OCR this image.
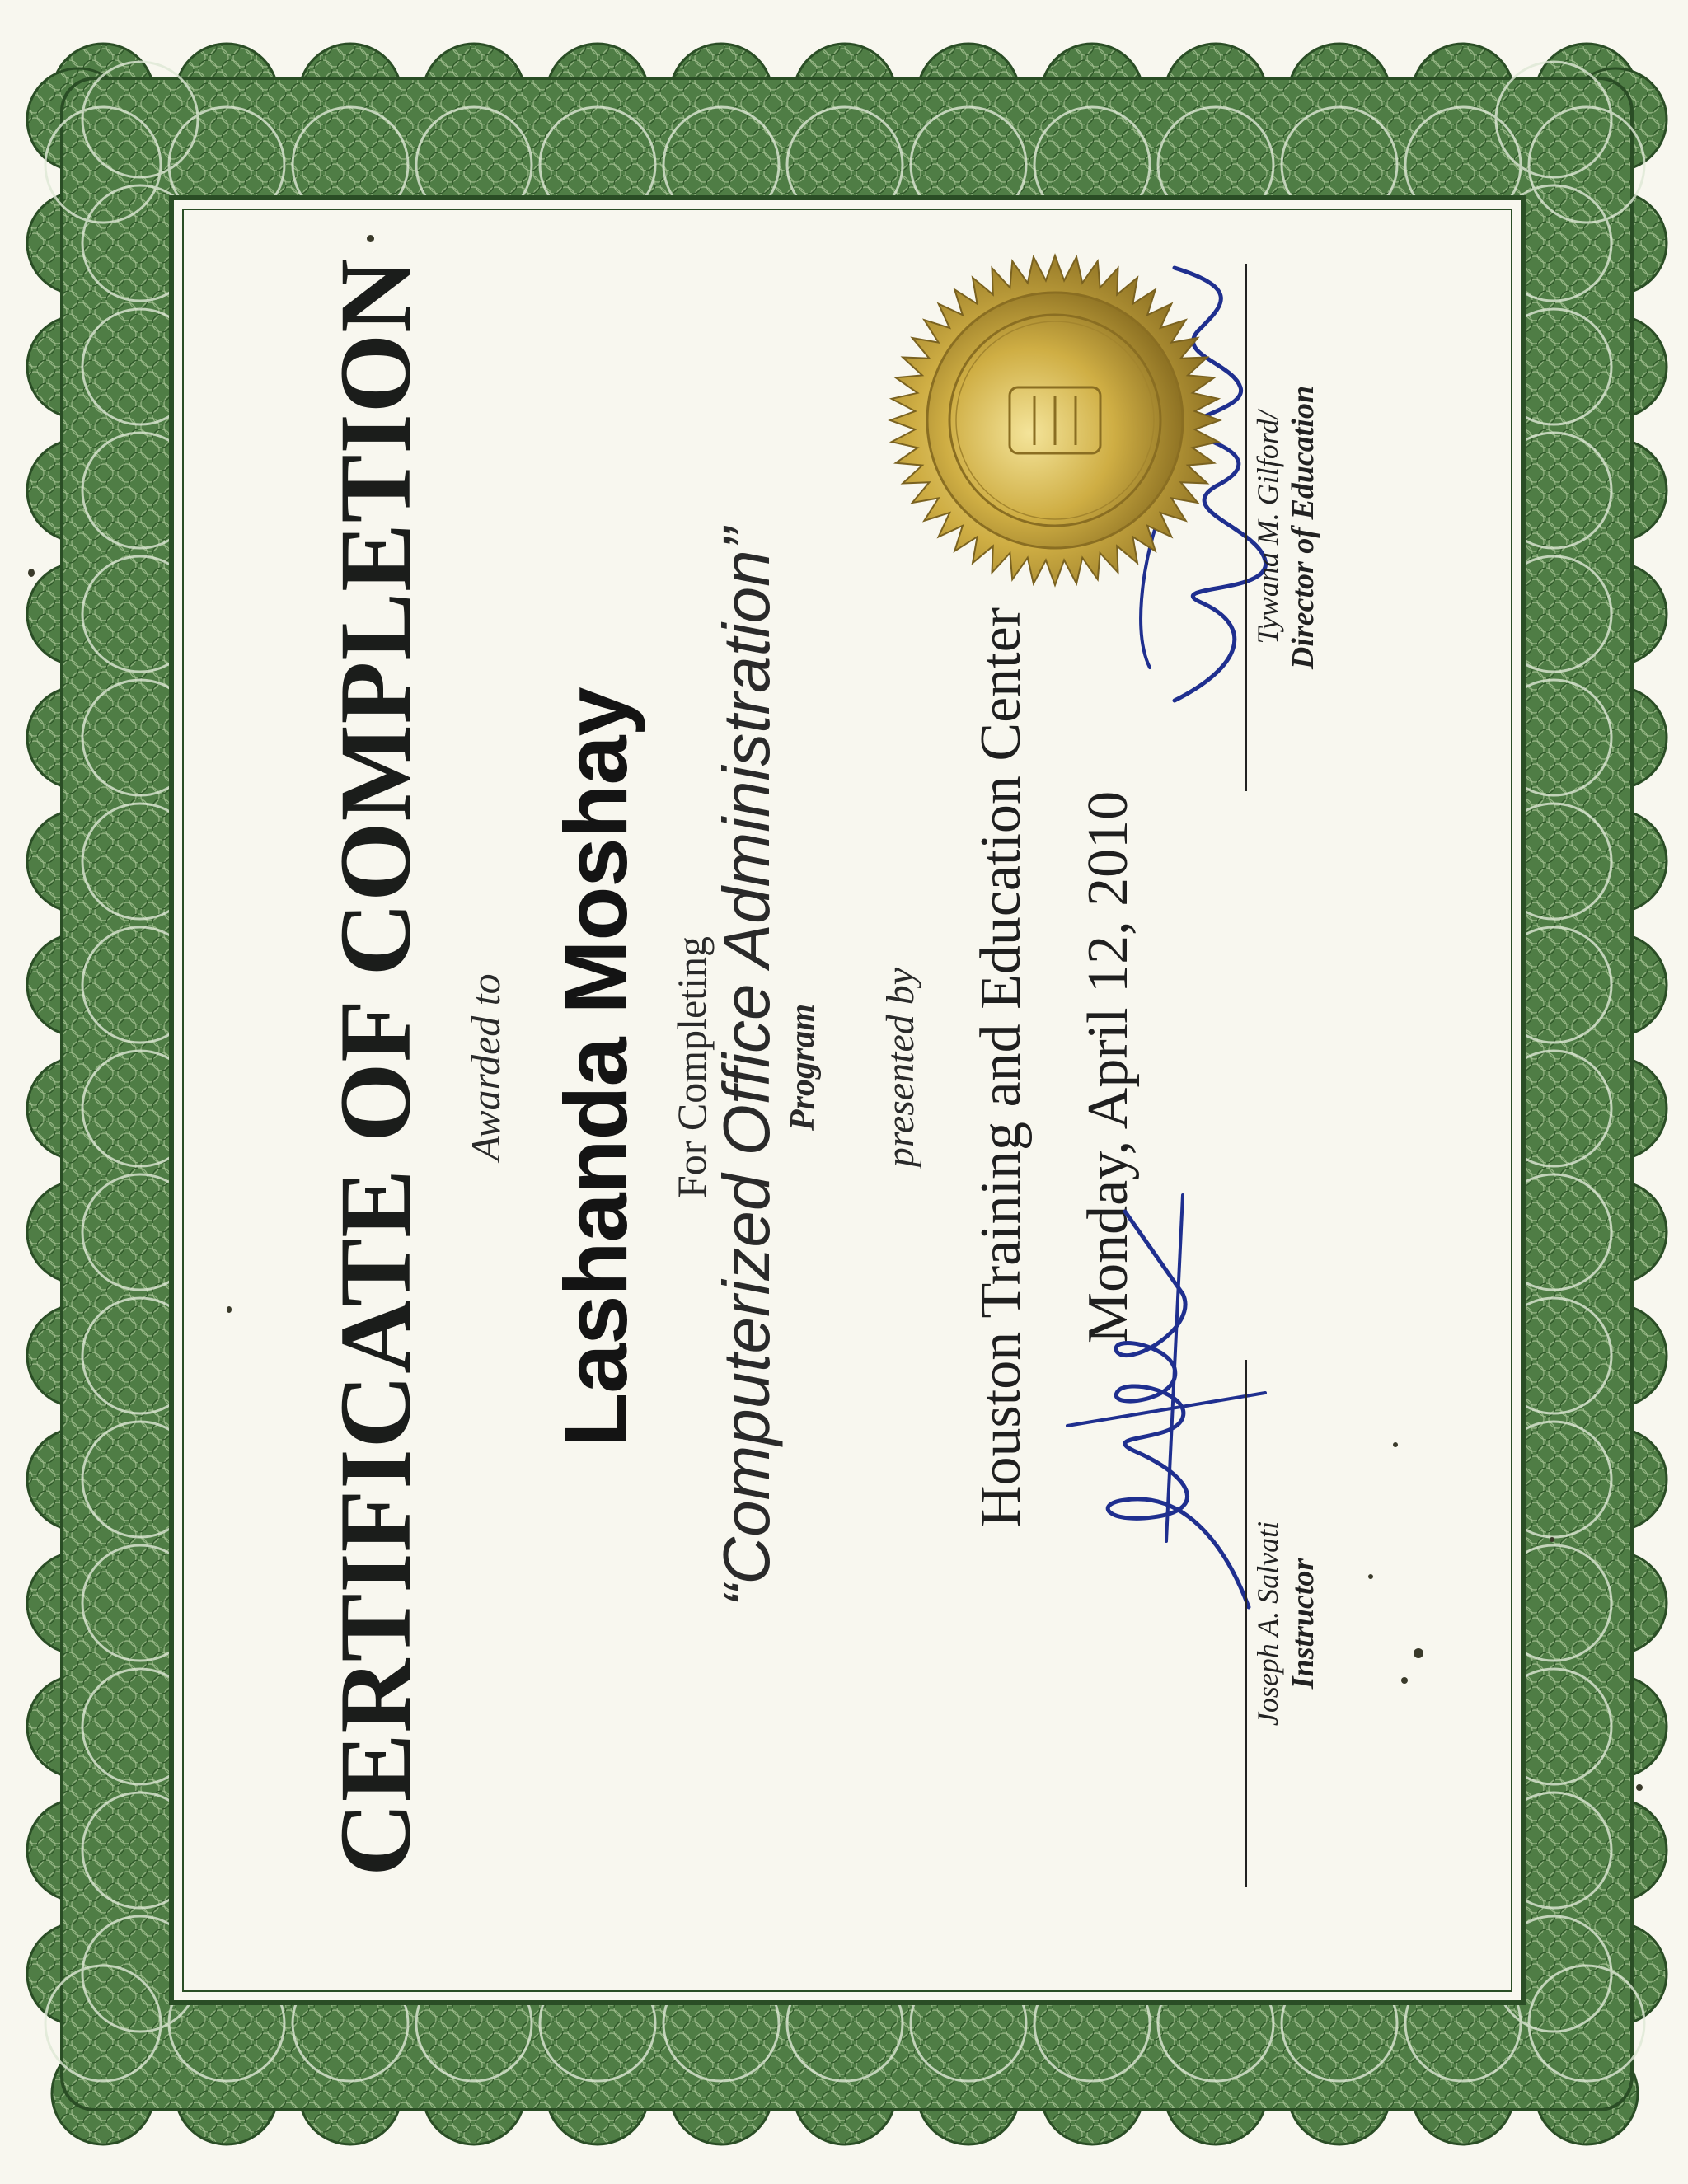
CERTIFICATE OF COMPLETION Awarded to Lashanda Moshay For Completing
“Computerized Office Administration” Program presented by Houston Training and Education Center Monday, April 12, 2010
Joseph A. Salvati Instructor
Tywana M. Gilford/ Director of Education
